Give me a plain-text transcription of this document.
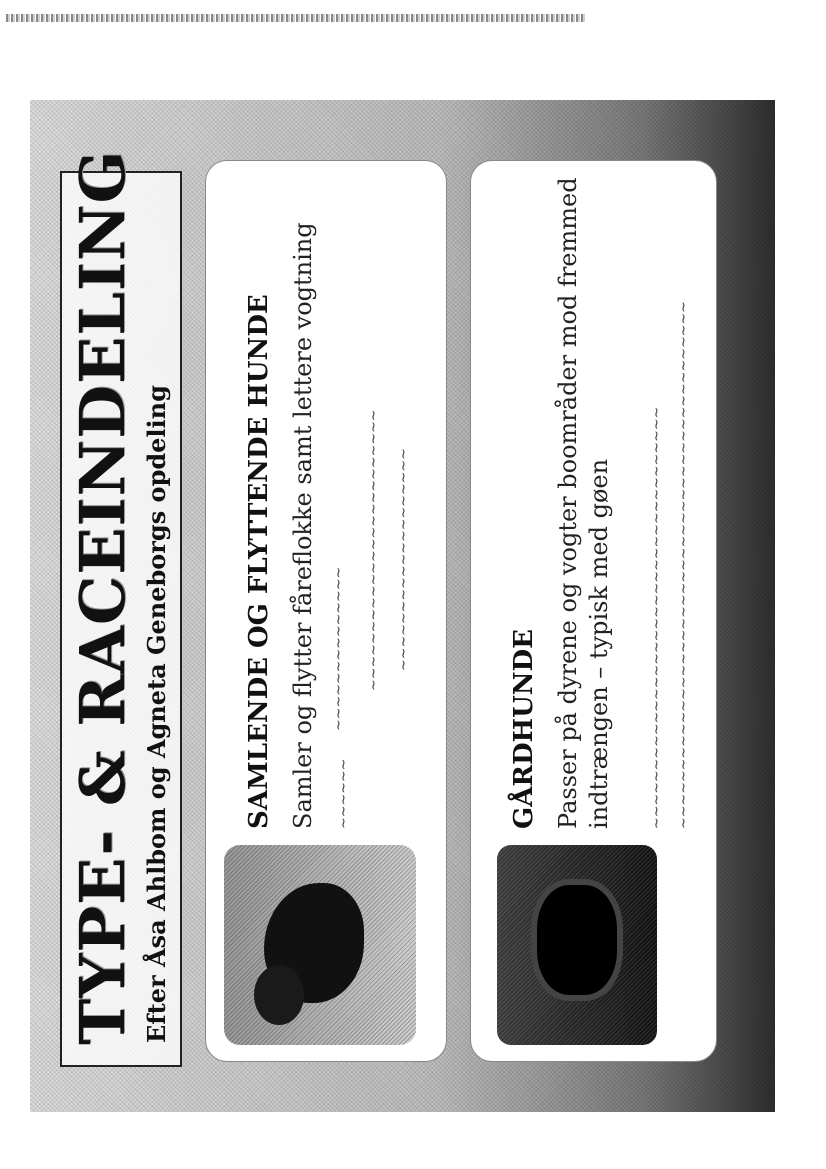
TYPE- & RACEINDELING Efter Åsa Ahlbom og Agneta Geneborgs opdeling	SAMLENDE OG FLYTTENDE HUNDE Samler og flytter fåreflokke samt lettere vogtning ~~~~~~
~~~~~~~~~~~~~~ ~~~~~~~~~~~~~~~~~~~~~~~~ ~~~~~~~~~~~~~~~~~~~
GÅRDHUNDE Passer på dyrene og vogter boområder mod fremmed indtrængen – typisk med gøen	~~~~~~~~~~~~~~~~~~~~~~~~~~~~~~~~~~~~ ~~~~~~~~~~~~~~~~~~~~~~~~~~~~~~~~~~~~~~~~~~~~~
